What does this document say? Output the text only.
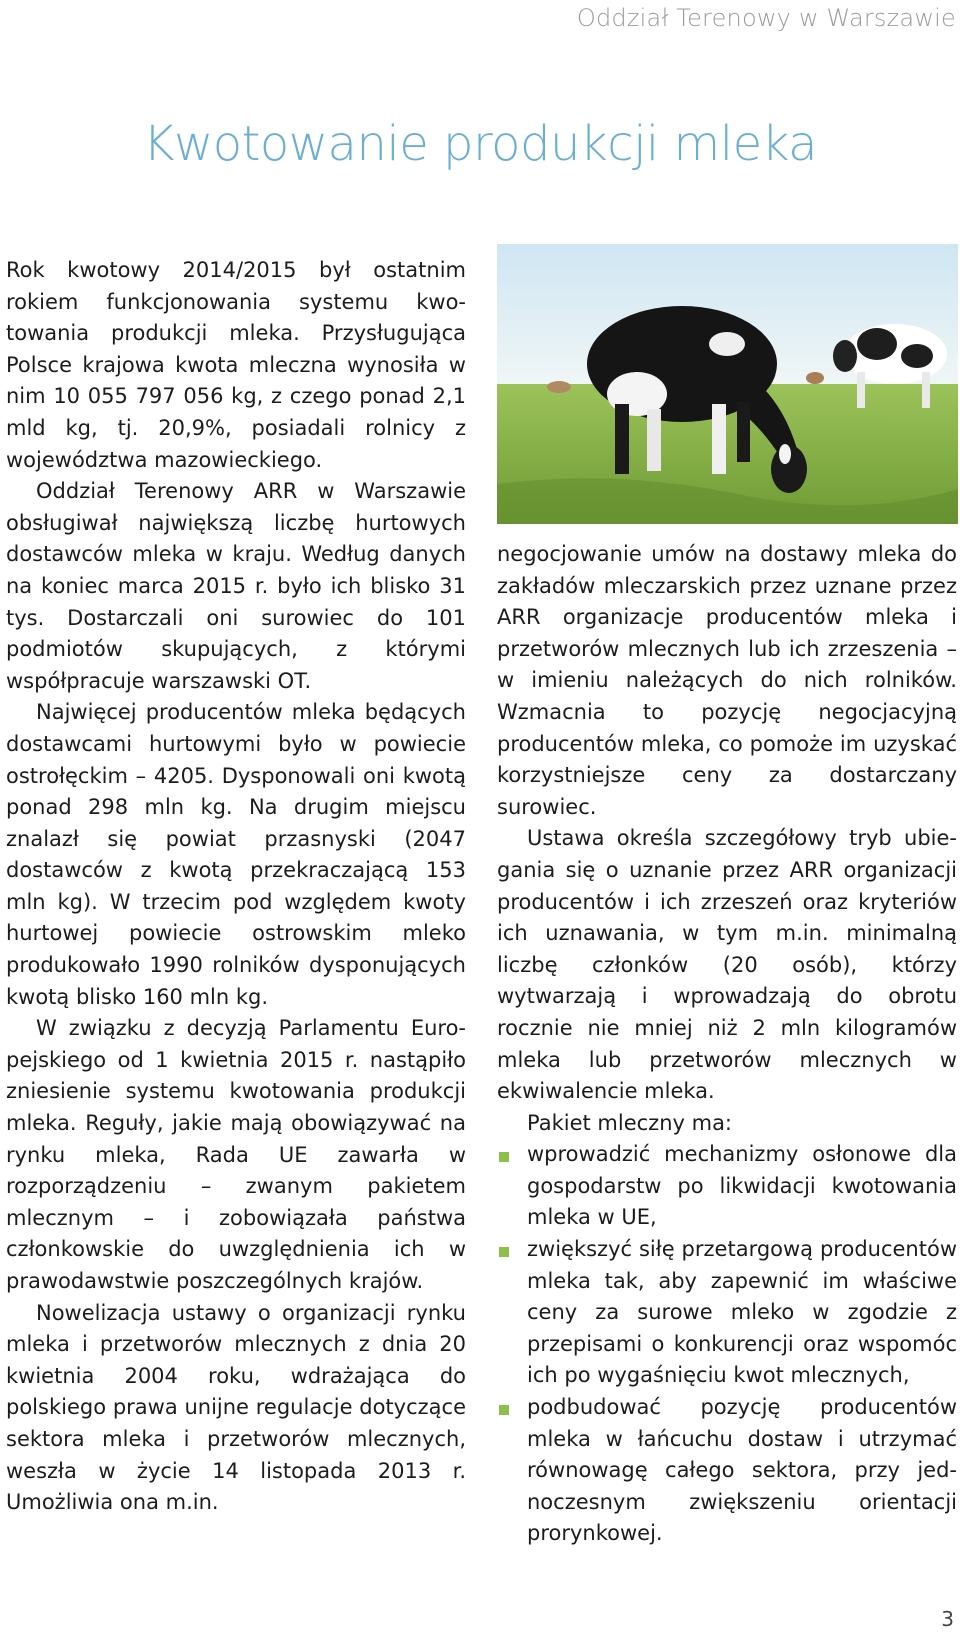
Oddział Terenowy w Warszawie
Kwotowanie produkcji mleka

Rok kwotowy 2014/2015 był ostatnim rokiem funkcjonowania systemu kwotowania produkcji mleka. Przysługująca Polsce krajowa kwota mleczna wynosiła w nim 10 055 797 056 kg, z czego ponad 2,1 mld kg, tj. 20,9%, posiadali rolnicy z województwa mazowieckiego.

Oddział Terenowy ARR w Warszawie obsługiwał największą liczbę hurtowych dostawców mleka w kraju. Według danych na koniec marca 2015 r. było ich blisko 31 tys. Dostarczali oni surowiec do 101 podmiotów skupujących, z którymi współpracuje warszawski OT.

Najwięcej producentów mleka będących dostawcami hurtowymi było w powiecie ostrołęckim – 4205. Dysponowali oni kwotą ponad 298 mln kg. Na drugim miejscu znalazł się powiat przasnyski (2047 dostawców z kwotą przekraczającą 153 mln kg). W trzecim pod względem kwoty hurtowej powiecie ostrowskim mleko produkowało 1990 rolników dysponujących kwotą blisko 160 mln kg.

W związku z decyzją Parlamentu Europejskiego od 1 kwietnia 2015 r. nastąpiło zniesienie systemu kwotowania produkcji mleka. Reguły, jakie mają obowiązywać na rynku mleka, Rada UE zawarła w rozporządzeniu – zwanym pakietem mlecznym – i zobowiązała państwa członkowskie do uwzględnienia ich w prawodawstwie poszczególnych krajów.

Nowelizacja ustawy o organizacji rynku mleka i przetworów mlecznych z dnia 20 kwietnia 2004 roku, wdrażająca do polskiego prawa unijne regulacje dotyczące sektora mleka i przetworów mlecznych, weszła w życie 14 listopada 2013 r. Umożliwia ona m.in.

negocjowanie umów na dostawy mleka do zakładów mleczarskich przez uznane przez ARR organizacje producentów mleka i przetworów mlecznych lub ich zrzeszenia – w imieniu należących do nich rolników. Wzmacnia to pozycję negocjacyjną producentów mleka, co pomoże im uzyskać korzystniejsze ceny za dostarczany surowiec.

Ustawa określa szczegółowy tryb ubiegania się o uznanie przez ARR organizacji producentów i ich zrzeszeń oraz kryteriów ich uznawania, w tym m.in. minimalną liczbę członków (20 osób), którzy wytwarzają i wprowadzają do obrotu rocznie nie mniej niż 2 mln kilogramów mleka lub przetworów mlecznych w ekwiwalencie mleka.

Pakiet mleczny ma:

wprowadzić mechanizmy osłonowe dla gospodarstw po likwidacji kwotowania mleka w UE,
zwiększyć siłę przetargową producentów mleka tak, aby zapewnić im właściwe ceny za surowe mleko w zgodzie z przepisami o konkurencji oraz wspomóc ich po wygaśnięciu kwot mlecznych,
podbudować pozycję producentów mleka w łańcuchu dostaw i utrzymać równowagę całego sektora, przy jednoczesnym zwiększeniu orientacji prorynkowej.
3
